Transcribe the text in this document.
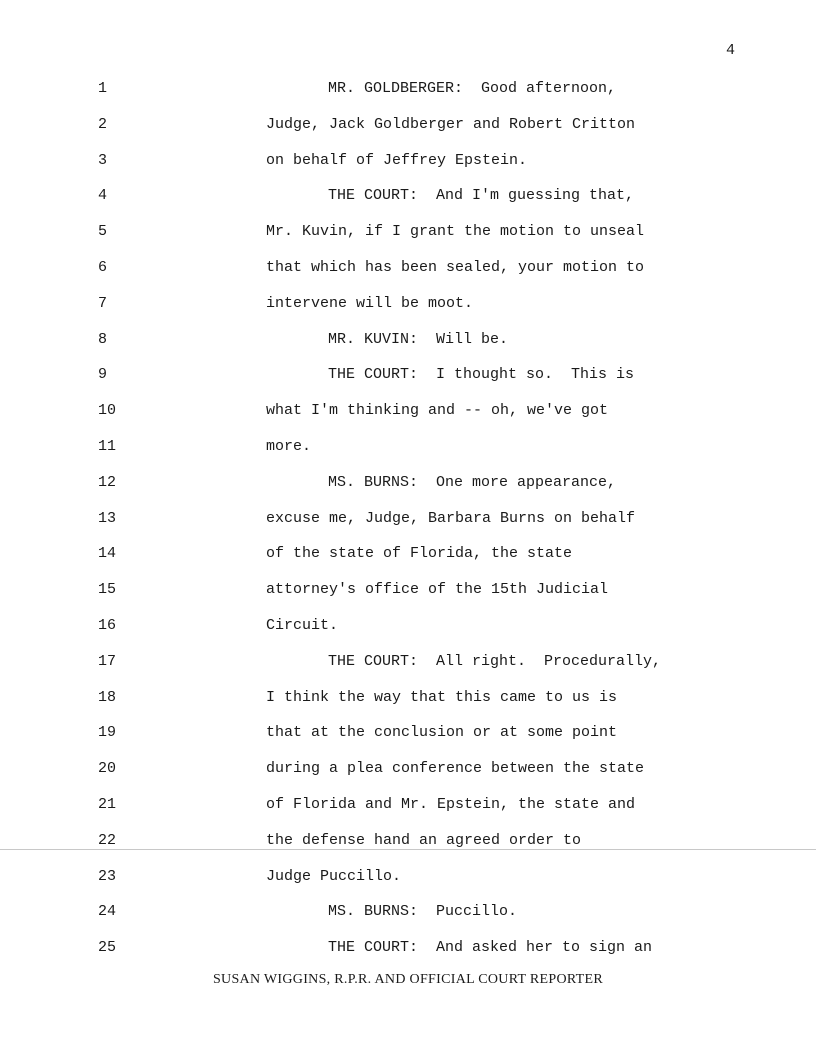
4
1	MR. GOLDBERGER:  Good afternoon,
2	Judge, Jack Goldberger and Robert Critton
3	on behalf of Jeffrey Epstein.
4	THE COURT:  And I'm guessing that,
5	Mr. Kuvin, if I grant the motion to unseal
6	that which has been sealed, your motion to
7	intervene will be moot.
8	MR. KUVIN:  Will be.
9	THE COURT:  I thought so.  This is
10	what I'm thinking and -- oh, we've got
11	more.
12	MS. BURNS:  One more appearance,
13	excuse me, Judge, Barbara Burns on behalf
14	of the state of Florida, the state
15	attorney's office of the 15th Judicial
16	Circuit.
17	THE COURT:  All right.  Procedurally,
18	I think the way that this came to us is
19	that at the conclusion or at some point
20	during a plea conference between the state
21	of Florida and Mr. Epstein, the state and
22	the defense hand an agreed order to
23	Judge Puccillo.
24	MS. BURNS:  Puccillo.
25	THE COURT:  And asked her to sign an
SUSAN WIGGINS, R.P.R. AND OFFICIAL COURT REPORTER
